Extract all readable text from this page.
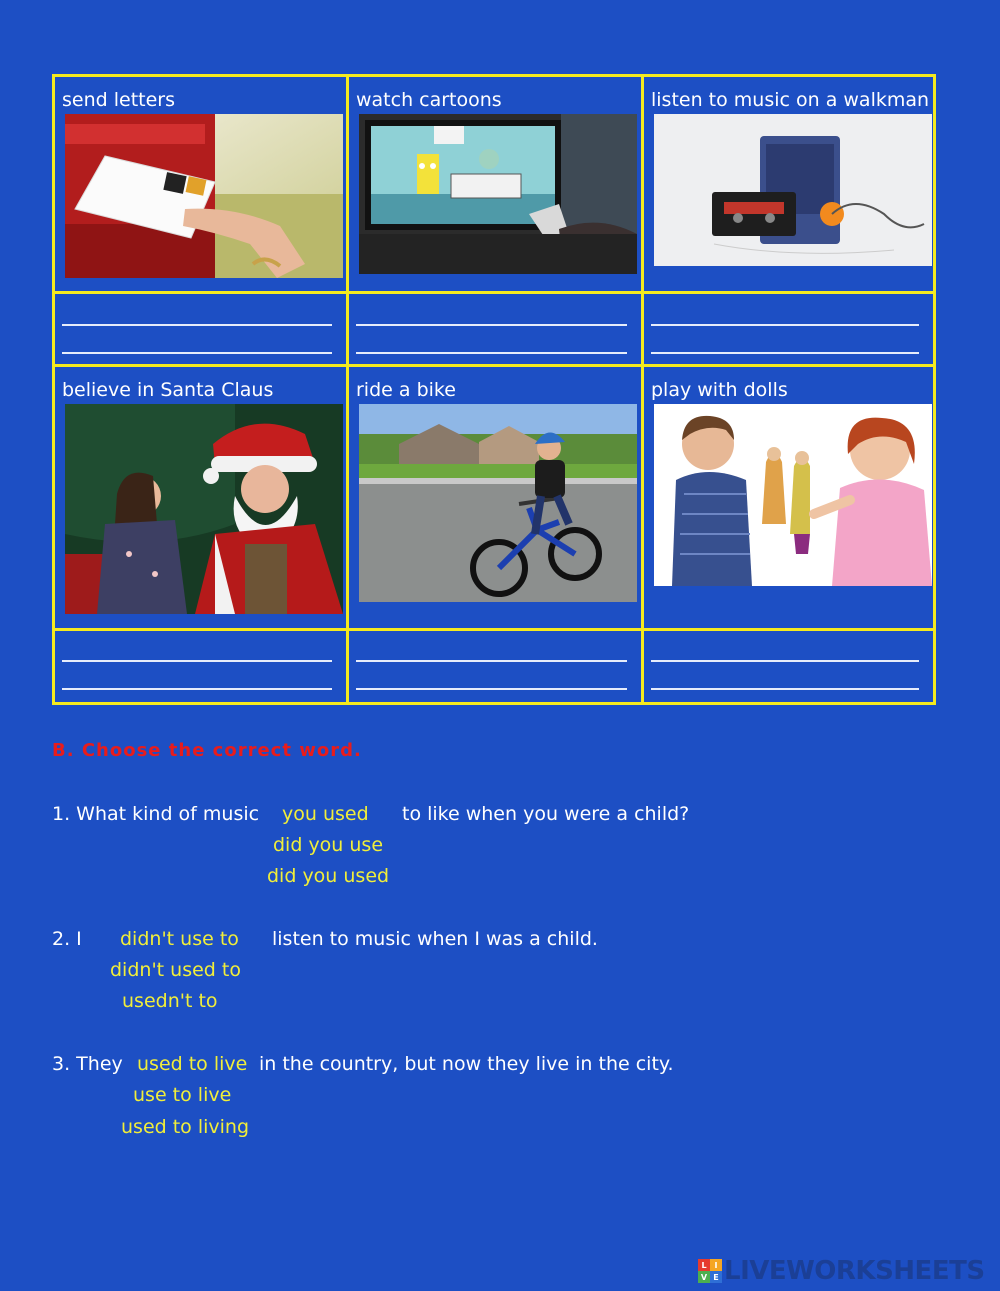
send letters	watch cartoons	listen to music on a walkman
believe in Santa Claus	ride a bike	play with dolls
B. Choose the correct word.
1. What kind of music you used to like when you were a child?
did you use
did you used
2. I didn't use to listen to music when I was a child.
didn't used to
usedn't to
3. They used to live in the country, but now they live in the city.
use to live
used to living
L I
V E LIVEWORKSHEETS
